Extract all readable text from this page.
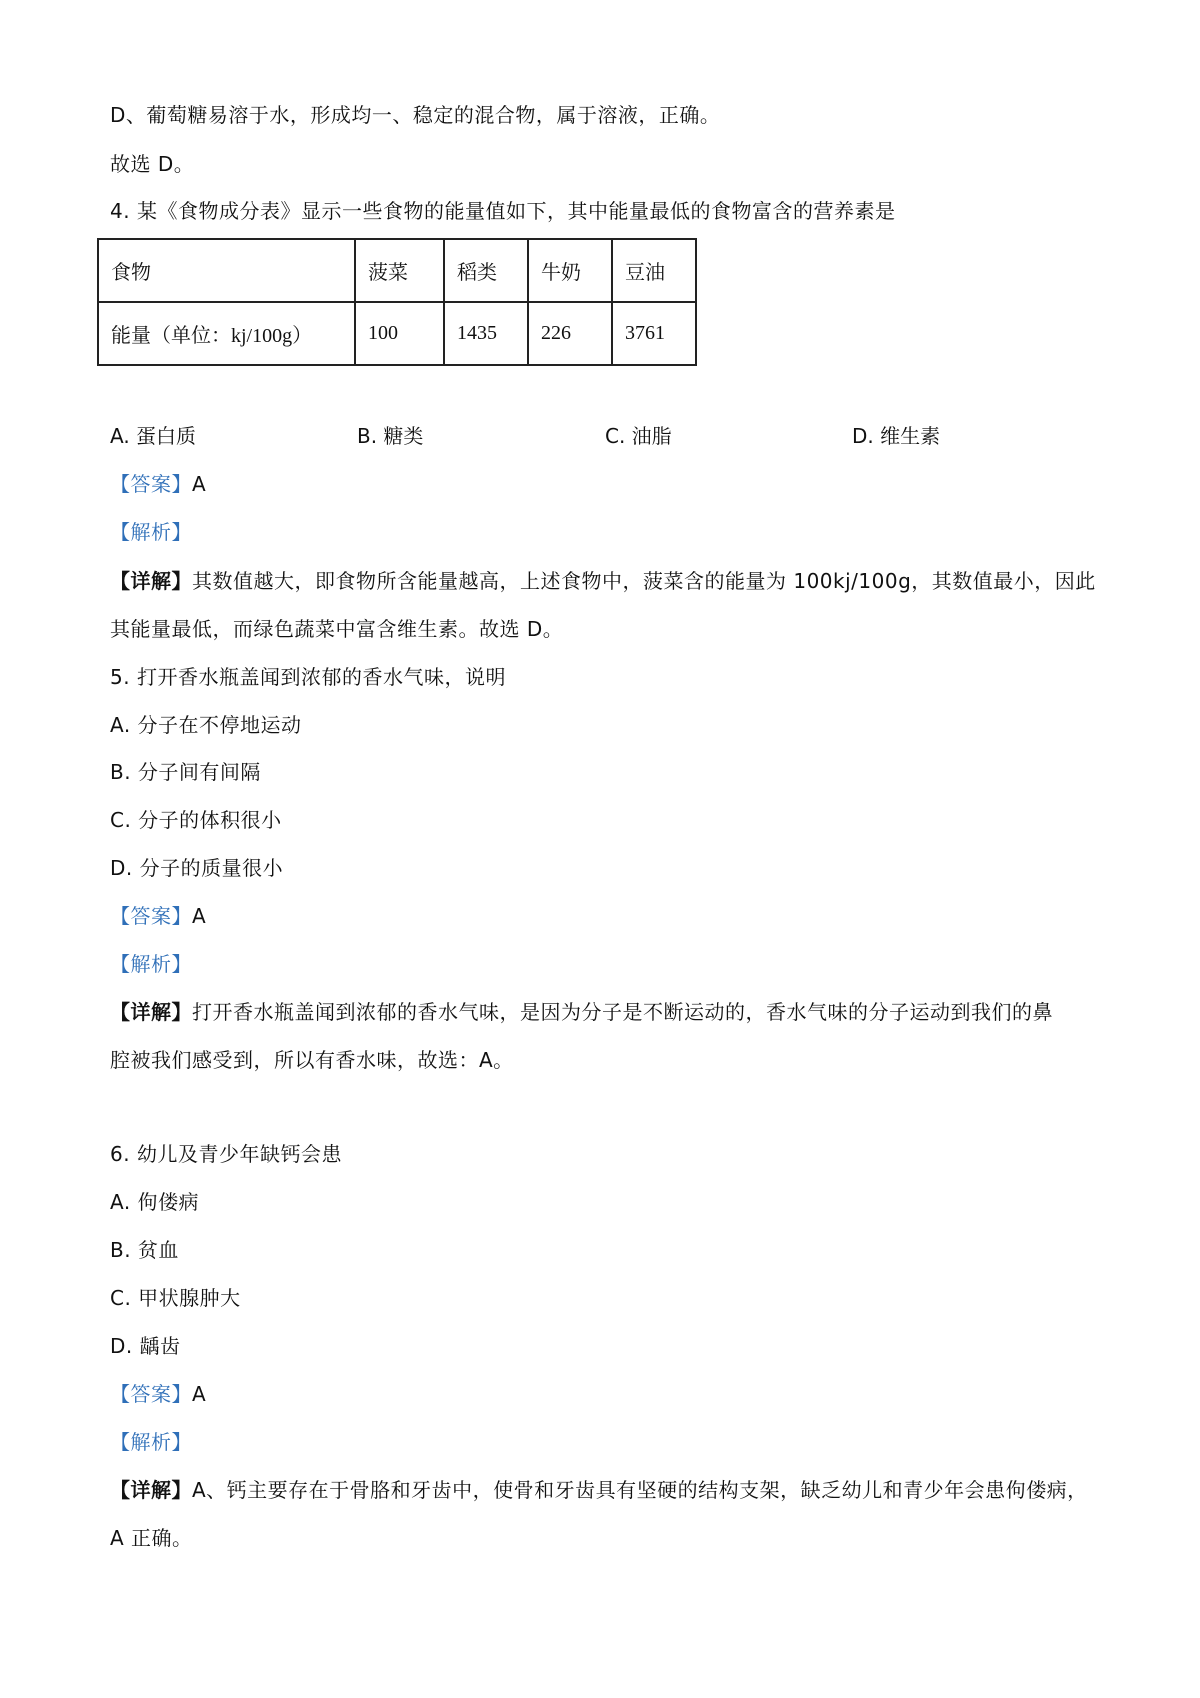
D、葡萄糖易溶于水，形成均一、稳定的混合物，属于溶液，正确。
故选 D。
4. 某《食物成分表》显示一些食物的能量值如下，其中能量最低的食物富含的营养素是
食物	菠菜	稻类	牛奶	豆油
能量（单位：kj/100g）	100	1435	226	3761
A. 蛋白质	B. 糖类	C. 油脂	D. 维生素
【答案】A
【解析】
【详解】其数值越大，即食物所含能量越高，上述食物中，菠菜含的能量为 100kj/100g，其数值最小，因此
其能量最低，而绿色蔬菜中富含维生素。故选 D。
5. 打开香水瓶盖闻到浓郁的香水气味，说明
A. 分子在不停地运动
B. 分子间有间隔
C. 分子的体积很小
D. 分子的质量很小
【答案】A
【解析】
【详解】打开香水瓶盖闻到浓郁的香水气味，是因为分子是不断运动的，香水气味的分子运动到我们的鼻
腔被我们感受到，所以有香水味，故选：A。
6. 幼儿及青少年缺钙会患
A. 佝偻病
B. 贫血
C. 甲状腺肿大
D. 龋齿
【答案】A
【解析】
【详解】A、钙主要存在于骨胳和牙齿中，使骨和牙齿具有坚硬的结构支架，缺乏幼儿和青少年会患佝偻病，
A 正确。
